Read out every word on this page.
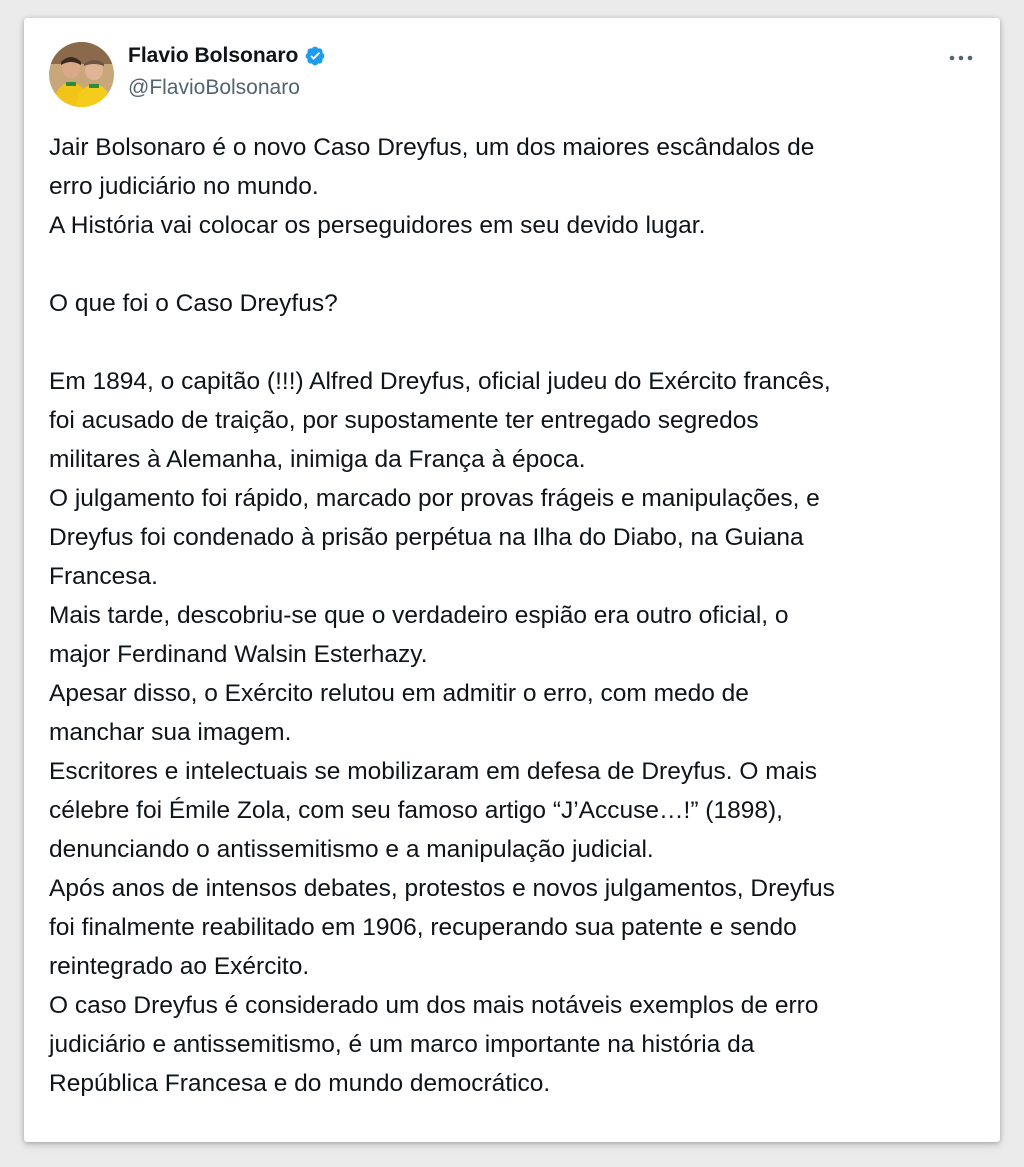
Flavio Bolsonaro
@FlavioBolsonaro

Jair Bolsonaro é o novo Caso Dreyfus, um dos maiores escândalos de

erro judiciário no mundo.

A História vai colocar os perseguidores em seu devido lugar.

O que foi o Caso Dreyfus?

Em 1894, o capitão (!!!) Alfred Dreyfus, oficial judeu do Exército francês,

foi acusado de traição, por supostamente ter entregado segredos

militares à Alemanha, inimiga da França à época.

O julgamento foi rápido, marcado por provas frágeis e manipulações, e

Dreyfus foi condenado à prisão perpétua na Ilha do Diabo, na Guiana

Francesa.

Mais tarde, descobriu-se que o verdadeiro espião era outro oficial, o

major Ferdinand Walsin Esterhazy.

Apesar disso, o Exército relutou em admitir o erro, com medo de

manchar sua imagem.

Escritores e intelectuais se mobilizaram em defesa de Dreyfus. O mais

célebre foi Émile Zola, com seu famoso artigo “J’Accuse…!” (1898),

denunciando o antissemitismo e a manipulação judicial.

Após anos de intensos debates, protestos e novos julgamentos, Dreyfus

foi finalmente reabilitado em 1906, recuperando sua patente e sendo

reintegrado ao Exército.

O caso Dreyfus é considerado um dos mais notáveis exemplos de erro

judiciário e antissemitismo, é um marco importante na história da

República Francesa e do mundo democrático.
